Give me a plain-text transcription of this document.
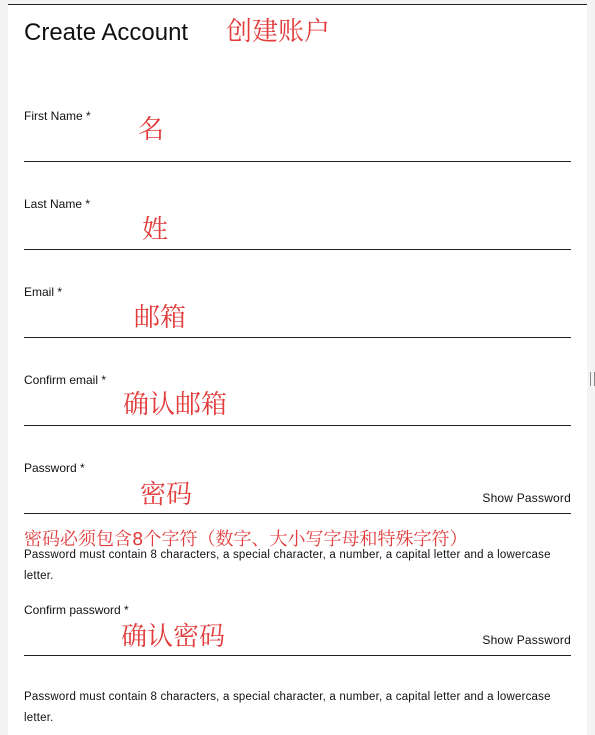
Create Account 创建账户
First Name * 名
Last Name *
姓
Email *
邮箱
Confirm email *
确认邮箱
Password *
密码	Show Password
密码必须包含8个字符（数字、大小写字母和特殊字符）

Password must contain 8 characters, a special character, a number, a capital letter and a lowercase letter.

Confirm password *
确认密码	Show Password

Password must contain 8 characters, a special character, a number, a capital letter and a lowercase letter.
